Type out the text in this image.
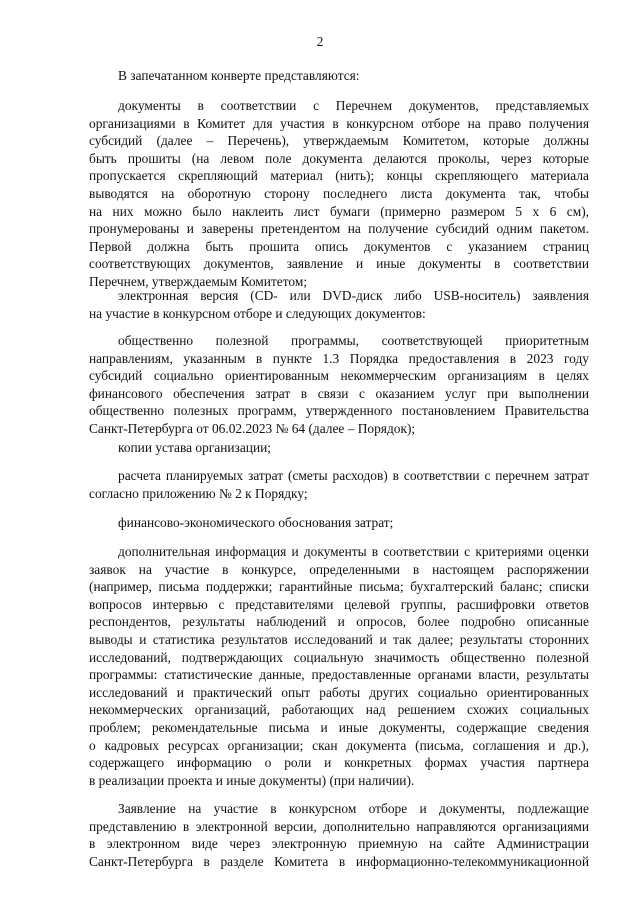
2
В запечатанном конверте представляются:
документы в соответствии с Перечнем документов, представляемых
организациями в Комитет для участия в конкурсном отборе на право получения
субсидий (далее – Перечень), утверждаемым Комитетом, которые должны
быть прошиты (на левом поле документа делаются проколы, через которые
пропускается скрепляющий материал (нить); концы скрепляющего материала
выводятся на оборотную сторону последнего листа документа так, чтобы
на них можно было наклеить лист бумаги (примерно размером 5 х 6 см),
пронумерованы и заверены претендентом на получение субсидий одним пакетом.
Первой должна быть прошита опись документов с указанием страниц
соответствующих документов, заявление и иные документы в соответствии
Перечнем, утверждаемым Комитетом;
электронная версия (CD- или DVD-диск либо USB-носитель) заявления
на участие в конкурсном отборе и следующих документов:
общественно полезной программы, соответствующей приоритетным
направлениям, указанным в пункте 1.3 Порядка предоставления в 2023 году
субсидий социально ориентированным некоммерческим организациям в целях
финансового обеспечения затрат в связи с оказанием услуг при выполнении
общественно полезных программ, утвержденного постановлением Правительства
Санкт-Петербурга от 06.02.2023 № 64 (далее – Порядок);
копии устава организации;
расчета планируемых затрат (сметы расходов) в соответствии с перечнем затрат
согласно приложению № 2 к Порядку;
финансово-экономического обоснования затрат;
дополнительная информация и документы в соответствии с критериями оценки
заявок на участие в конкурсе, определенными в настоящем распоряжении
(например, письма поддержки; гарантийные письма; бухгалтерский баланс; списки
вопросов интервью с представителями целевой группы, расшифровки ответов
респондентов, результаты наблюдений и опросов, более подробно описанные
выводы и статистика результатов исследований и так далее; результаты сторонних
исследований, подтверждающих социальную значимость общественно полезной
программы: статистические данные, предоставленные органами власти, результаты
исследований и практический опыт работы других социально ориентированных
некоммерческих организаций, работающих над решением схожих социальных
проблем; рекомендательные письма и иные документы, содержащие сведения
о кадровых ресурсах организации; скан документа (письма, соглашения и др.),
содержащего информацию о роли и конкретных формах участия партнера
в реализации проекта и иные документы) (при наличии).
Заявление на участие в конкурсном отборе и документы, подлежащие
представлению в электронной версии, дополнительно направляются организациями
в электронном виде через электронную приемную на сайте Администрации
Санкт-Петербурга в разделе Комитета в информационно-телекоммуникационной
